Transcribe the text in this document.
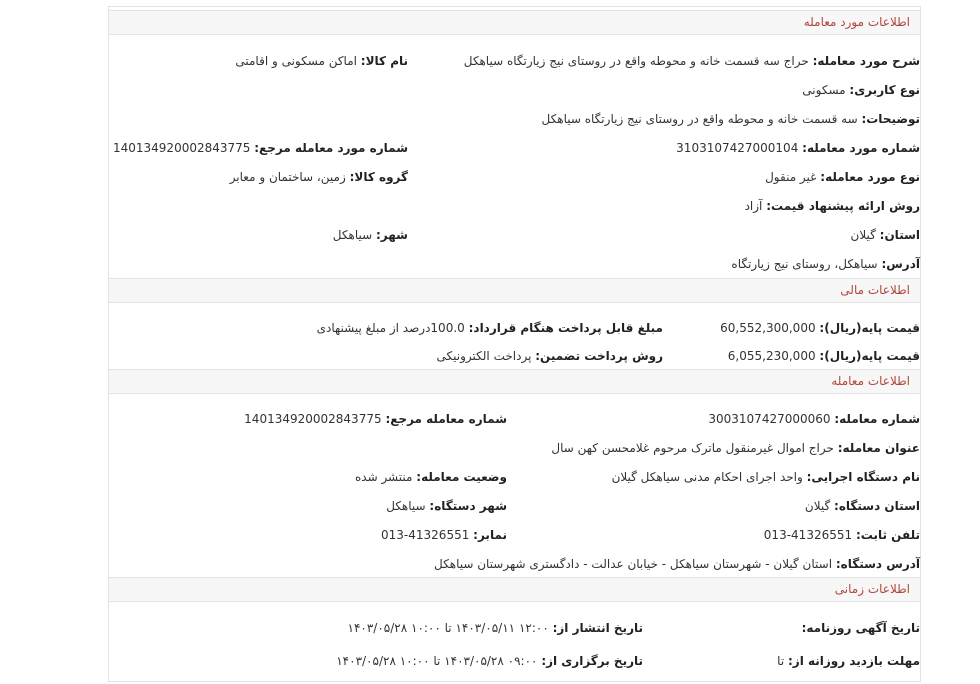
اطلاعات مورد معامله
اطلاعات مالی
اطلاعات معامله
اطلاعات زمانی
شرح مورد معامله: حراج سه قسمت خانه و محوطه واقع در روستای نیج زیارتگاه سیاهکل
نام کالا: اماکن مسکونی و اقامتی
نوع کاربری: مسکونی
توضیحات: سه قسمت خانه و محوطه واقع در روستای نیج زیارتگاه سیاهکل
شماره مورد معامله: 3103107427000104
شماره مورد معامله مرجع: 140134920002843775
نوع مورد معامله: غیر منقول
گروه کالا: زمین، ساختمان و معابر
روش ارائه پیشنهاد قیمت: آزاد
استان: گیلان
شهر: سیاهکل
آدرس: سیاهکل، روستای نیج زیارتگاه
قیمت پایه(ریال): 60,552,300,000
مبلغ قابل پرداخت هنگام قرارداد: 100.0درصد از مبلغ پیشنهادی
قیمت پایه(ریال): 6,055,230,000
روش پرداخت تضمین: پرداخت الکترونیکی
شماره معامله: 3003107427000060
شماره معامله مرجع: 140134920002843775
عنوان معامله: حراج اموال غیرمنقول ماترک مرحوم غلامحسن کهن سال
نام دستگاه اجرایی: واحد اجرای احکام مدنی سیاهکل گیلان
وضعیت معامله: منتشر شده
استان دستگاه: گیلان
شهر دستگاه: سیاهکل
تلفن ثابت: 41326551-013
نمابر: 41326551-013
آدرس دستگاه: استان گیلان - شهرستان سیاهکل - خیابان عدالت - دادگستری شهرستان سیاهکل
تاریخ آگهی روزنامه:
تاریخ انتشار از: ۱۲:۰۰ ۱۴۰۳/۰۵/۱۱ تا ۱۰:۰۰ ۱۴۰۳/۰۵/۲۸
مهلت بازدید روزانه از: تا
تاریخ برگزاری از: ۰۹:۰۰ ۱۴۰۳/۰۵/۲۸ تا ۱۰:۰۰ ۱۴۰۳/۰۵/۲۸
